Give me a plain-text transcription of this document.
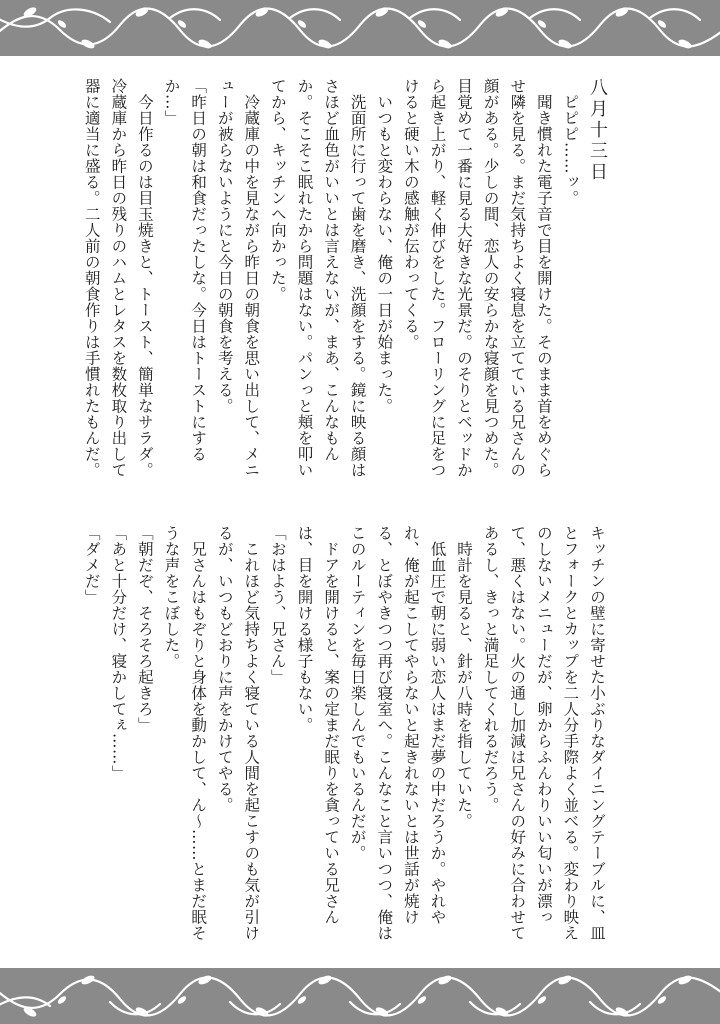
八月十三日
　ピピピ……ッ。
　聞き慣れた電子音で目を開けた。そのまま首をめぐらせ隣を見る。まだ気持ちよく寝息を立てている兄さんの顔がある。少しの間、恋人の安らかな寝顔を見つめた。目覚めて一番に見る大好きな光景だ。のそりとベッドから起き上がり、軽く伸びをした。フローリングに足をつけると硬い木の感触が伝わってくる。
　いつもと変わらない、俺の一日が始まった。
　洗面所に行って歯を磨き、洗顔をする。鏡に映る顔はさほど血色がいいとは言えないが、まあ、こんなもんか。そこそこ眠れたから問題はない。パンっと頬を叩いてから、キッチンへ向かった。
　冷蔵庫の中を見ながら昨日の朝食を思い出して、メニューが被らないようにと今日の朝食を考える。
「昨日の朝は和食だったしな。今日はトーストにするか…」
　今日作るのは目玉焼きと、トースト、簡単なサラダ。冷蔵庫から昨日の残りのハムとレタスを数枚取り出して器に適当に盛る。二人前の朝食作りは手慣れたもんだ。
キッチンの壁に寄せた小ぶりなダイニングテーブルに、皿とフォークとカップを二人分手際よく並べる。変わり映えのしないメニューだが、卵からふんわりいい匂いが漂って、悪くはない。火の通し加減は兄さんの好みに合わせてあるし、きっと満足してくれるだろう。
　時計を見ると、針が八時を指していた。
　低血圧で朝に弱い恋人はまだ夢の中だろうか。やれやれ、俺が起こしてやらないと起きれないとは世話が焼ける、とぼやきつつ再び寝室へ。こんなこと言いつつ、俺はこのルーティンを毎日楽しんでもいるんだが。
　ドアを開けると、案の定まだ眠りを貪っている兄さんは、目を開ける様子もない。
「おはよう、兄さん」
　これほど気持ちよく寝ている人間を起こすのも気が引けるが、いつもどおりに声をかけてやる。
　兄さんはもぞりと身体を動かして、ん〜……とまだ眠そうな声をこぼした。
「朝だぞ、そろそろ起きろ」
「あと十分だけ、寝かしてぇ……」
「ダメだ」
